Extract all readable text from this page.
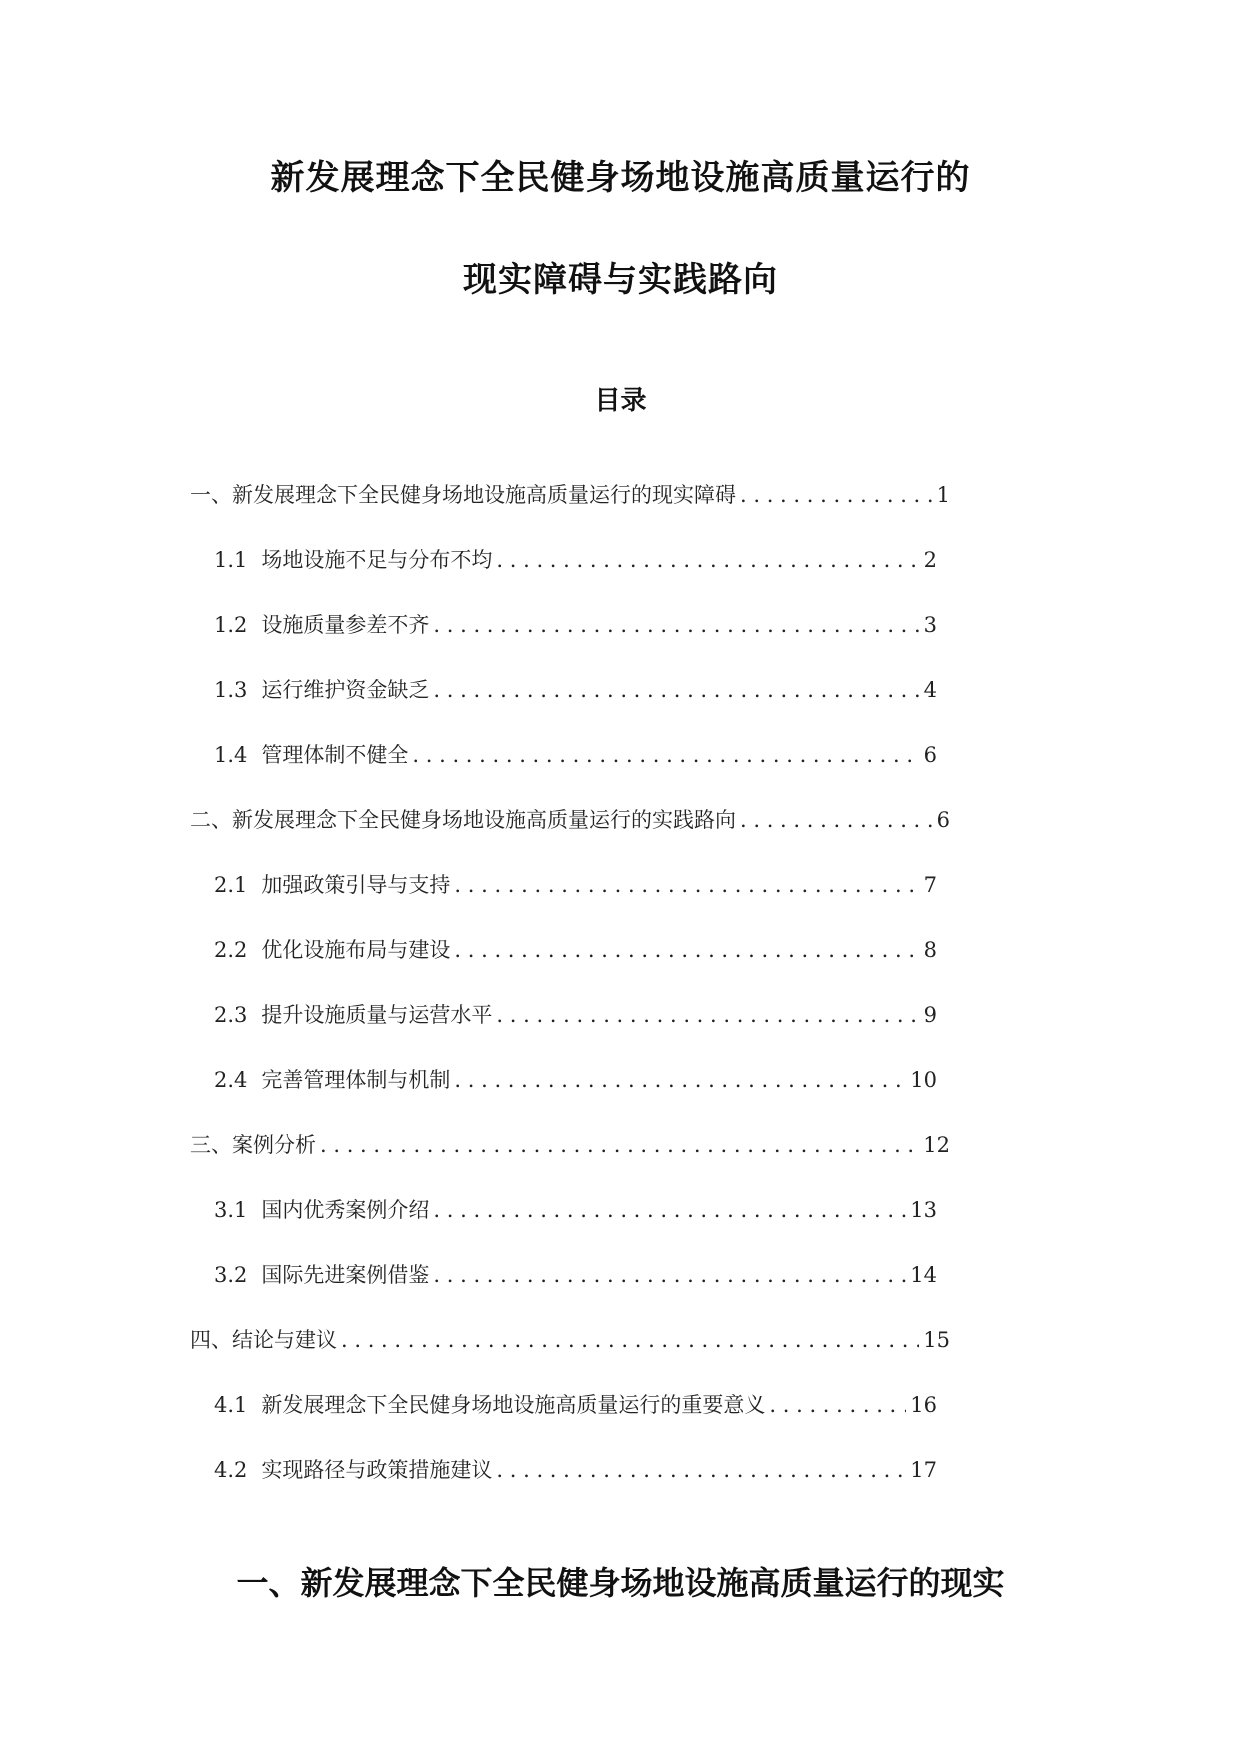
新发展理念下全民健身场地设施高质量运行的
现实障碍与实践路向
目录
一、新发展理念下全民健身场地设施高质量运行的现实障碍 . . .	1
1.1 场地设施不足与分布不均 . . .	2
1.2 设施质量参差不齐 . . .	3
1.3 运行维护资金缺乏 . . .	4
1.4 管理体制不健全 . . .	6
二、新发展理念下全民健身场地设施高质量运行的实践路向 . . .	6
2.1 加强政策引导与支持 . . .	7
2.2 优化设施布局与建设 . . .	8
2.3 提升设施质量与运营水平 . . .	9
2.4 完善管理体制与机制 . . .	10
三、案例分析 . . .	12
3.1 国内优秀案例介绍 . . .	13
3.2 国际先进案例借鉴 . . .	14
四、结论与建议 . . .	15
4.1 新发展理念下全民健身场地设施高质量运行的重要意义 . . .	16
4.2 实现路径与政策措施建议 . . .	17
一、新发展理念下全民健身场地设施高质量运行的现实
